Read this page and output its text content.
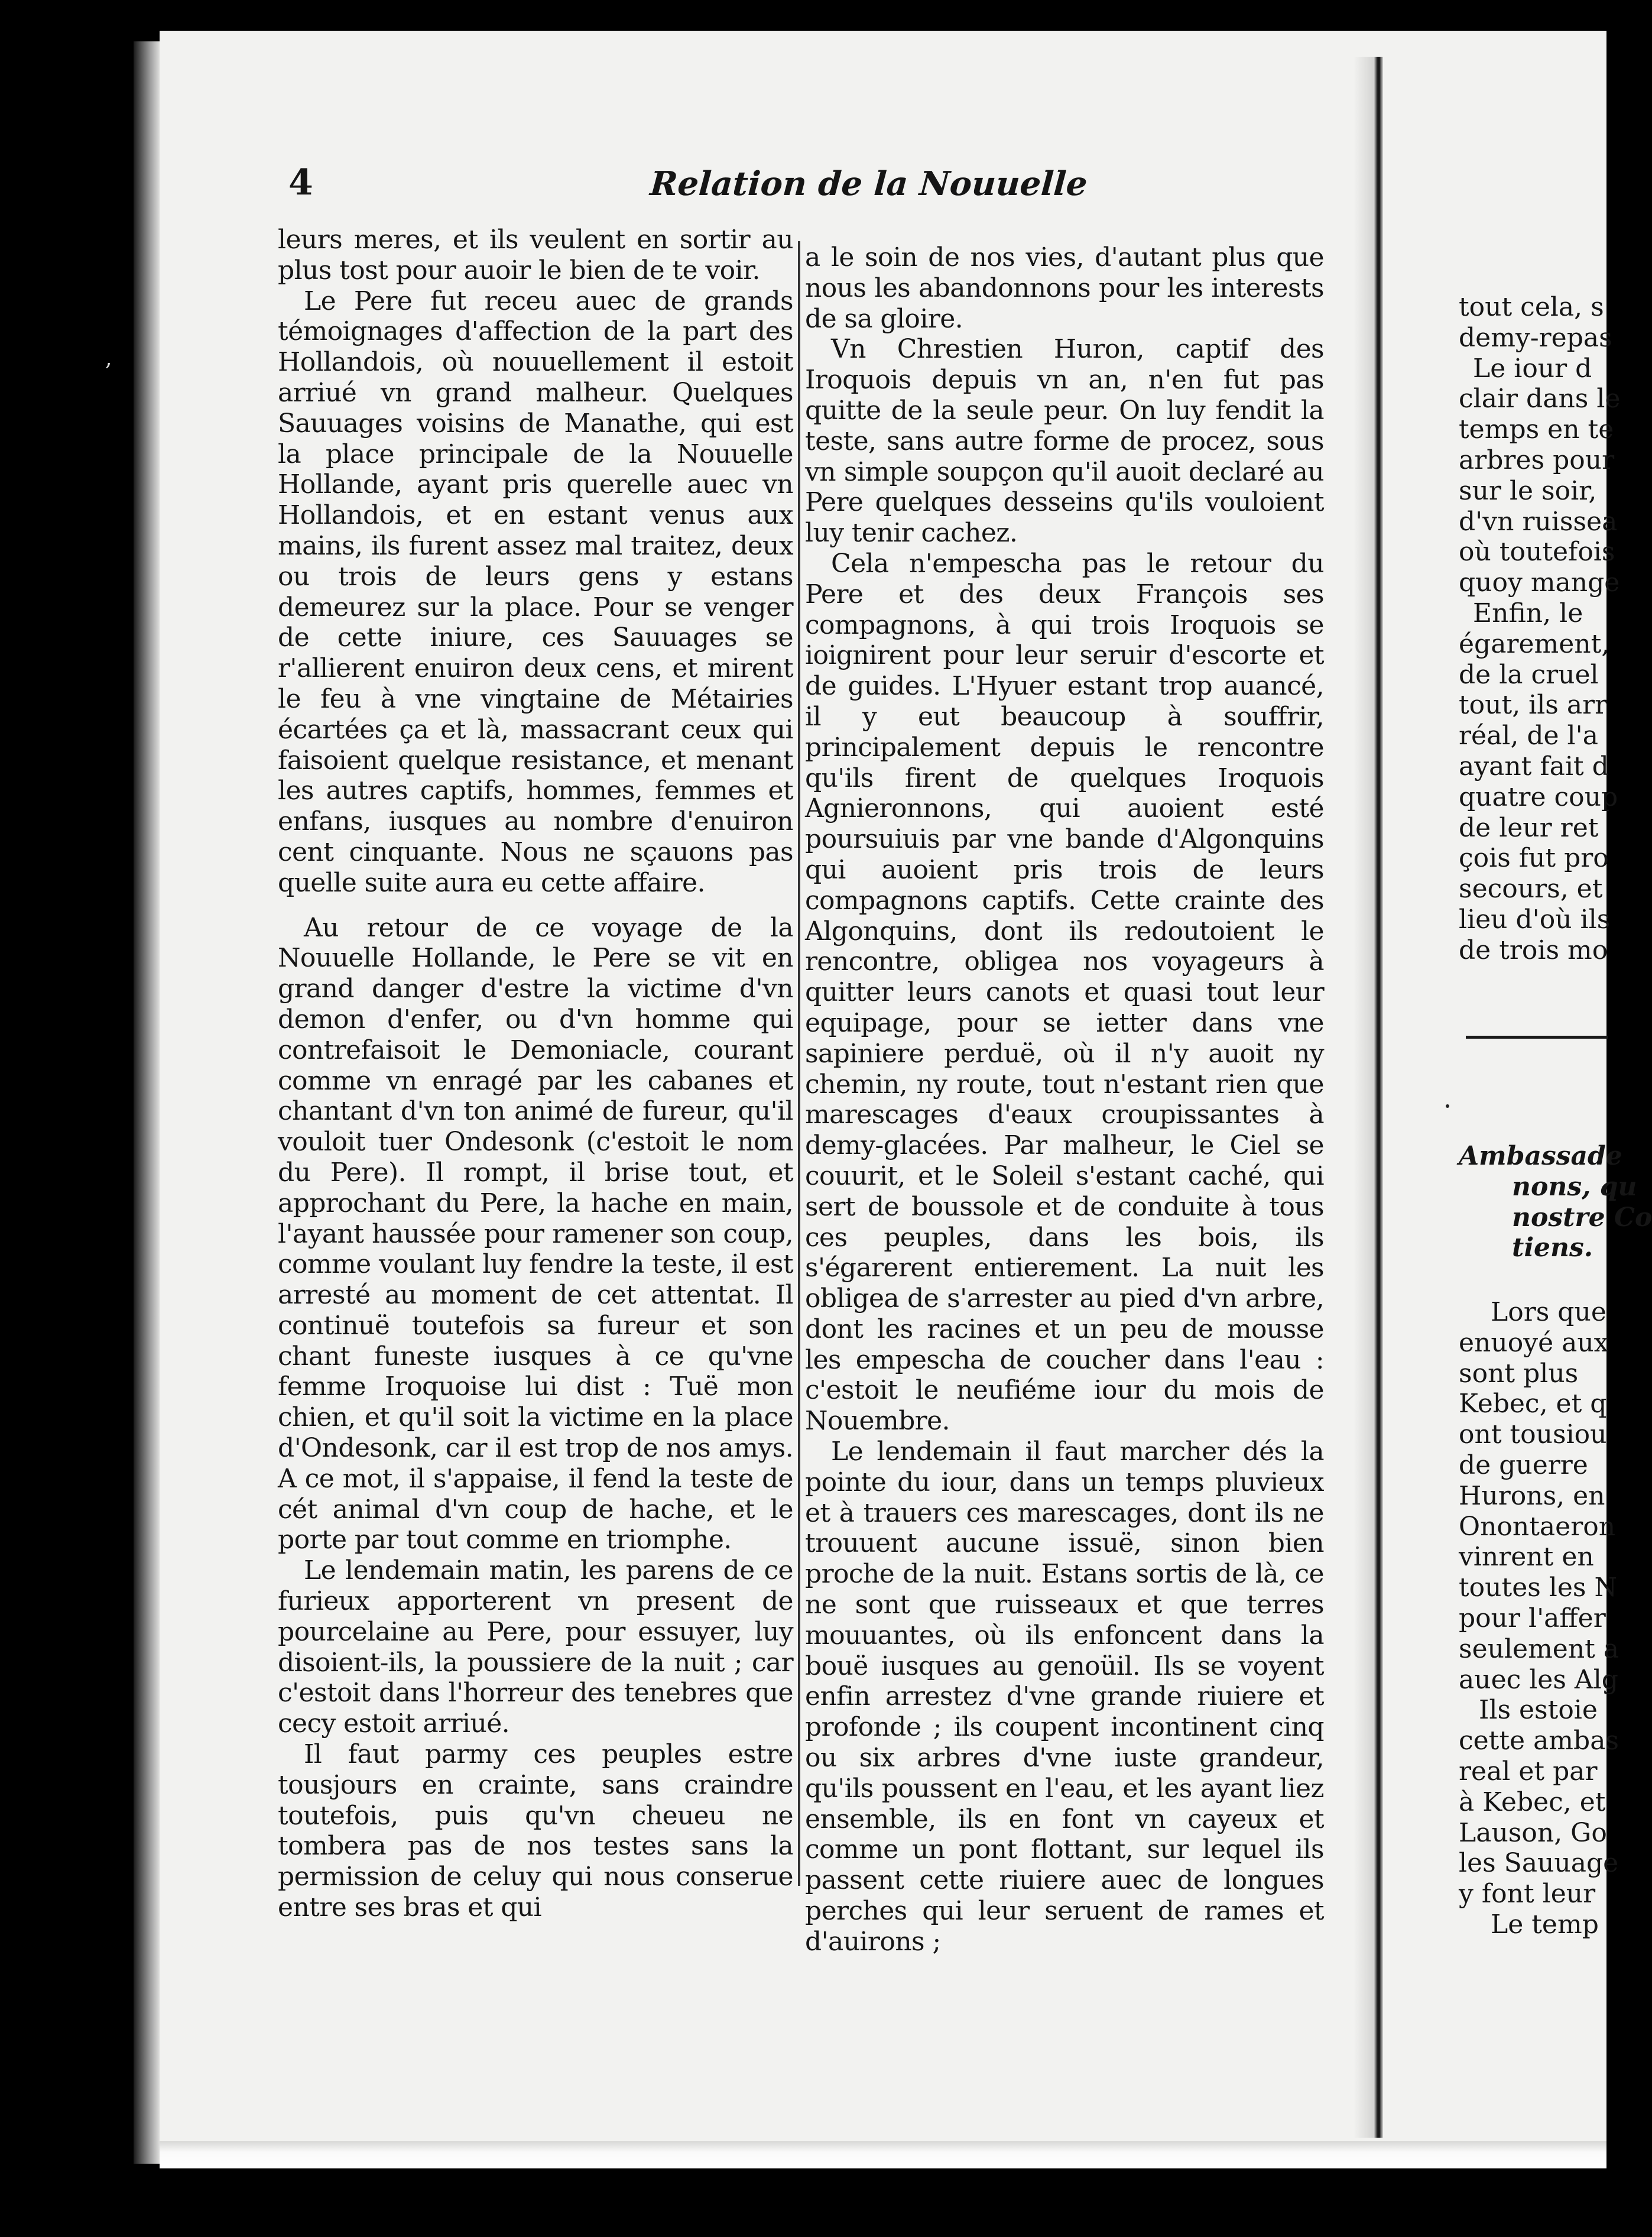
,
4	Relation de la Nouuelle

leurs meres, et ils veulent en sortir au plus tost pour auoir le bien de te voir.

Le Pere fut receu auec de grands témoignages d'affection de la part des Hollandois, où nouuellement il estoit arriué vn grand malheur. Quelques Sauuages voisins de Manathe, qui est la place principale de la Nouuelle Hollande, ayant pris querelle auec vn Hollandois, et en estant venus aux mains, ils furent assez mal traitez, deux ou trois de leurs gens y estans demeurez sur la place. Pour se venger de cette iniure, ces Sauuages se r'allierent enuiron deux cens, et mirent le feu à vne vingtaine de Métairies écartées ça et là, massacrant ceux qui faisoient quelque resistance, et menant les autres captifs, hommes, femmes et enfans, iusques au nombre d'enuiron cent cinquante. Nous ne sçauons pas quelle suite aura eu cette affaire.

Au retour de ce voyage de la Nouuelle Hollande, le Pere se vit en grand danger d'estre la victime d'vn demon d'enfer, ou d'vn homme qui contrefaisoit le Demoniacle, courant comme vn enragé par les cabanes et chantant d'vn ton animé de fureur, qu'il vouloit tuer Ondesonk (c'estoit le nom du Pere). Il rompt, il brise tout, et approchant du Pere, la hache en main, l'ayant haussée pour ramener son coup, comme voulant luy fendre la teste, il est arresté au moment de cet attentat. Il continuë toutefois sa fureur et son chant funeste iusques à ce qu'vne femme Iroquoise lui dist : Tuë mon chien, et qu'il soit la victime en la place d'Ondesonk, car il est trop de nos amys. A ce mot, il s'appaise, il fend la teste de cét animal d'vn coup de hache, et le porte par tout comme en triomphe.

Le lendemain matin, les parens de ce furieux apporterent vn present de pourcelaine au Pere, pour essuyer, luy disoient-ils, la poussiere de la nuit ; car c'estoit dans l'horreur des tenebres que cecy estoit arriué.

Il faut parmy ces peuples estre tousjours en crainte, sans craindre toutefois, puis qu'vn cheueu ne tombera pas de nos testes sans la permission de celuy qui nous conserue entre ses bras et qui

a le soin de nos vies, d'autant plus que nous les abandonnons pour les interests de sa gloire.

Vn Chrestien Huron, captif des Iroquois depuis vn an, n'en fut pas quitte de la seule peur. On luy fendit la teste, sans autre forme de procez, sous vn simple soupçon qu'il auoit declaré au Pere quelques desseins qu'ils vouloient luy tenir cachez.

Cela n'empescha pas le retour du Pere et des deux François ses compagnons, à qui trois Iroquois se ioignirent pour leur seruir d'escorte et de guides. L'Hyuer estant trop auancé, il y eut beaucoup à souffrir, principalement depuis le rencontre qu'ils firent de quelques Iroquois Agnieronnons, qui auoient esté poursuiuis par vne bande d'Algonquins qui auoient pris trois de leurs compagnons captifs. Cette crainte des Algonquins, dont ils redoutoient le rencontre, obligea nos voyageurs à quitter leurs canots et quasi tout leur equipage, pour se ietter dans vne sapiniere perduë, où il n'y auoit ny chemin, ny route, tout n'estant rien que marescages d'eaux croupissantes à demy-glacées. Par malheur, le Ciel se couurit, et le Soleil s'estant caché, qui sert de boussole et de conduite à tous ces peuples, dans les bois, ils s'égarerent entierement. La nuit les obligea de s'arrester au pied d'vn arbre, dont les racines et un peu de mousse les empescha de coucher dans l'eau : c'estoit le neufiéme iour du mois de Nouembre.

Le lendemain il faut marcher dés la pointe du iour, dans un temps pluvieux et à trauers ces marescages, dont ils ne trouuent aucune issuë, sinon bien proche de la nuit. Estans sortis de là, ce ne sont que ruisseaux et que terres mouuantes, où ils enfoncent dans la bouë iusques au genoüil. Ils se voyent enfin arrestez d'vne grande riuiere et profonde ; ils coupent incontinent cinq ou six arbres d'vne iuste grandeur, qu'ils poussent en l'eau, et les ayant liez ensemble, ils en font vn cayeux et comme un pont flottant, sur lequel ils passent cette riuiere auec de longues perches qui leur seruent de rames et d'auirons ;

tout cela, s
demy-repas
Le iour d
clair dans le
temps en te
arbres pour
sur le soir,
d'vn ruissea
où toutefois
quoy mange
Enfin, le
égarement,
de la cruel
tout, ils arr
réal, de l'a
ayant fait d
quatre coup
de leur ret
çois fut pro
secours, et
lieu d'où ils
de trois mo
Ambassade
nons, qu
nostre Co
tiens.
Lors que
enuoyé aux
sont plus
Kebec, et q
ont tousiou
de guerre
Hurons, en
Onontaeron
vinrent en
toutes les N
pour l'affer
seulement a
auec les Alg
Ils estoie
cette ambas
real et par
à Kebec, et
Lauson, Go
les Sauuage
y font leur
Le temp
